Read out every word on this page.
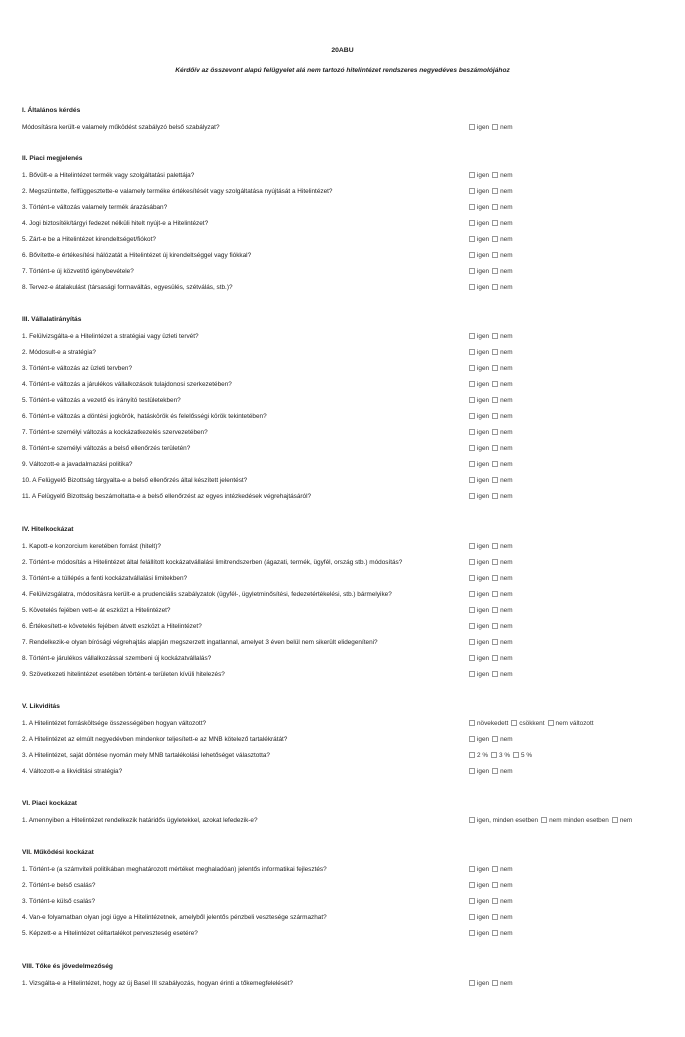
20ABU
Kérdőív az összevont alapú felügyelet alá nem tartozó hitelintézet rendszeres negyedéves beszámolójához
I. Általános kérdés
Módosításra került-e valamely működést szabályzó belső szabályzat?	igen nem
II. Piaci megjelenés
1. Bővült-e a Hitelintézet termék vagy szolgáltatási palettája?	igen nem
2. Megszüntette, felfüggesztette-e valamely terméke értékesítését vagy szolgáltatása nyújtását a Hitelintézet?	igen nem
3. Történt-e változás valamely termék árazásában?	igen nem
4. Jogi biztosíték/tárgyi fedezet nélküli hitelt nyújt-e a Hitelintézet?	igen nem
5. Zárt-e be a Hitelintézet kirendeltséget/fiókot?	igen nem
6. Bővítette-e értékesítési hálózatát a Hitelintézet új kirendeltséggel vagy fiókkal?	igen nem
7. Történt-e új közvetítő igénybevétele?	igen nem
8. Tervez-e átalakulást (társasági formaváltás, egyesülés, szétválás, stb.)?	igen nem
III. Vállalatirányítás
1. Felülvizsgálta-e a Hitelintézet a stratégiai vagy üzleti tervét?	igen nem
2. Módosult-e a stratégia?	igen nem
3. Történt-e változás az üzleti tervben?	igen nem
4. Történt-e változás a járulékos vállalkozások tulajdonosi szerkezetében?	igen nem
5. Történt-e változás a vezető és irányító testületekben?	igen nem
6. Történt-e változás a döntési jogkörök, hatáskörök és felelősségi körök tekintetében?	igen nem
7. Történt-e személyi változás a kockázatkezelés szervezetében?	igen nem
8. Történt-e személyi változás a belső ellenőrzés területén?	igen nem
9. Változott-e a javadalmazási politika?	igen nem
10. A Felügyelő Bizottság tárgyalta-e a belső ellenőrzés által készített jelentést?	igen nem
11. A Felügyelő Bizottság beszámoltatta-e a belső ellenőrzést az egyes intézkedések végrehajtásáról?	igen nem
IV. Hitelkockázat
1. Kapott-e konzorcium keretében forrást (hitelt)?	igen nem
2. Történt-e módosítás a Hitelintézet által felállított kockázatvállalási limitrendszerben (ágazati, termék, ügyfél, ország stb.) módosítás?	igen nem
3. Történt-e a túllépés a fenti kockázatvállalási limitekben?	igen nem
4. Felülvizsgálatra, módosításra került-e a prudenciális szabályzatok (ügyfél-, ügyletminősítési, fedezetértékelési, stb.) bármelyike?	igen nem
5. Követelés fejében vett-e át eszközt a Hitelintézet?	igen nem
6. Értékesített-e követelés fejében átvett eszközt a Hitelintézet?	igen nem
7. Rendelkezik-e olyan bírósági végrehajtás alapján megszerzett ingatlannal, amelyet 3 éven belül nem sikerült elidegeníteni?	igen nem
8. Történt-e járulékos vállalkozással szembeni új kockázatvállalás?	igen nem
9. Szövetkezeti hitelintézet esetében történt-e területen kívüli hitelezés?	igen nem
V. Likviditás
1. A Hitelintézet forrásköltsége összességében hogyan változott?	növekedett csökkent nem változott
2. A Hitelintézet az elmúlt negyedévben mindenkor teljesített-e az MNB kötelező tartalékrátát?	igen nem
3. A Hitelintézet, saját döntése nyomán mely MNB tartalékolási lehetőséget választotta?	2 % 3 % 5 %
4. Változott-e a likviditási stratégia?	igen nem
VI. Piaci kockázat
1. Amennyiben a Hitelintézet rendelkezik határidős ügyletekkel, azokat lefedezik-e?	igen, minden esetben nem minden esetben nem
VII. Működési kockázat
1. Történt-e (a számviteli politikában meghatározott mértéket meghaladóan) jelentős informatikai fejlesztés?	igen nem
2. Történt-e belső csalás?	igen nem
3. Történt-e külső csalás?	igen nem
4. Van-e folyamatban olyan jogi ügye a Hitelintézetnek, amelyből jelentős pénzbeli vesztesége származhat?	igen nem
5. Képzett-e a Hitelintézet céltartalékot perveszteség esetére?	igen nem
VIII. Tőke és jövedelmezőség
1. Vizsgálta-e a Hitelintézet, hogy az új Basel III szabályozás, hogyan érinti a tőkemegfelelését?	igen nem
